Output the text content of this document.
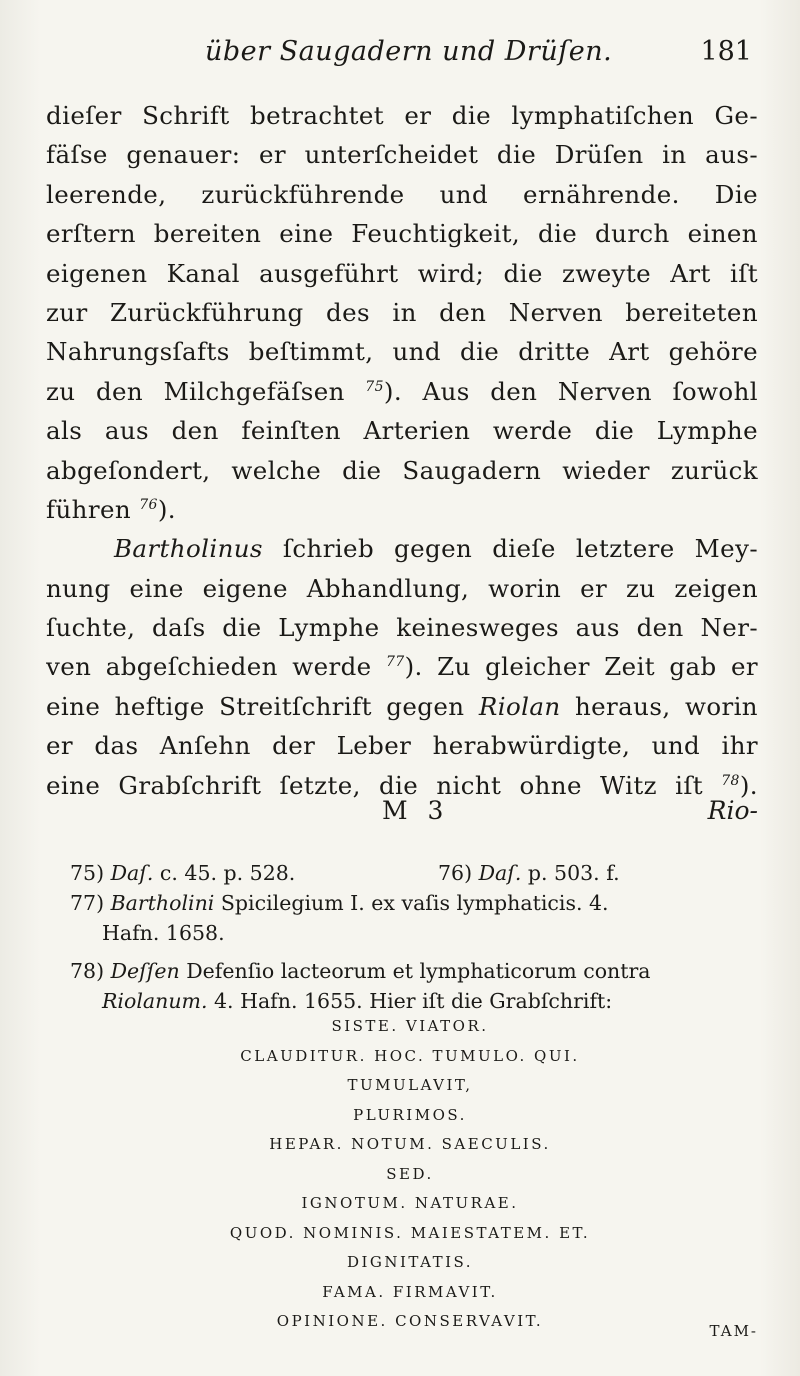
über Saugadern und Drüſen.	181
dieſer Schrift betrachtet er die lymphatiſchen Ge-
fäſse genauer: er unterſcheidet die Drüſen in aus-
leerende, zurückführende und ernährende. Die
erſtern bereiten eine Feuchtigkeit, die durch einen
eigenen Kanal ausgeführt wird; die zweyte Art iſt
zur Zurückführung des in den Nerven bereiteten
Nahrungsſafts beſtimmt, und die dritte Art gehöre
zu den Milchgefäſsen $^{75}$). Aus den Nerven ſowohl
als aus den feinſten Arterien werde die Lymphe
abgeſondert, welche die Saugadern wieder zurück
führen $^{76}$).
Bartholinus ſchrieb gegen dieſe letztere Mey-
nung eine eigene Abhandlung, worin er zu zeigen
ſuchte, daſs die Lymphe keinesweges aus den Ner-
ven abgeſchieden werde $^{77}$). Zu gleicher Zeit gab er
eine heftige Streitſchrift gegen Riolan heraus, worin
er das Anſehn der Leber herabwürdigte, und ihr
eine Grabſchrift ſetzte, die nicht ohne Witz iſt $^{78}$).
M 3	Rio-
75) Daſ. c. 45. p. 528.	76) Daſ. p. 503. f.
77) Bartholini Spicilegium I. ex vaſis lymphaticis. 4.
Hafn. 1658.
78) Deſſen Defenſio lacteorum et lymphaticorum contra
Riolanum. 4. Hafn. 1655. Hier iſt die Grabſchrift:
SISTE. VIATOR.
CLAUDITUR. HOC. TUMULO. QUI.
TUMULAVIT,
PLURIMOS.
HEPAR. NOTUM. SAECULIS.
SED.
IGNOTUM. NATURAE.
QUOD. NOMINIS. MAIESTATEM. ET.
DIGNITATIS.
FAMA. FIRMAVIT.
OPINIONE. CONSERVAVIT.
TAM-
